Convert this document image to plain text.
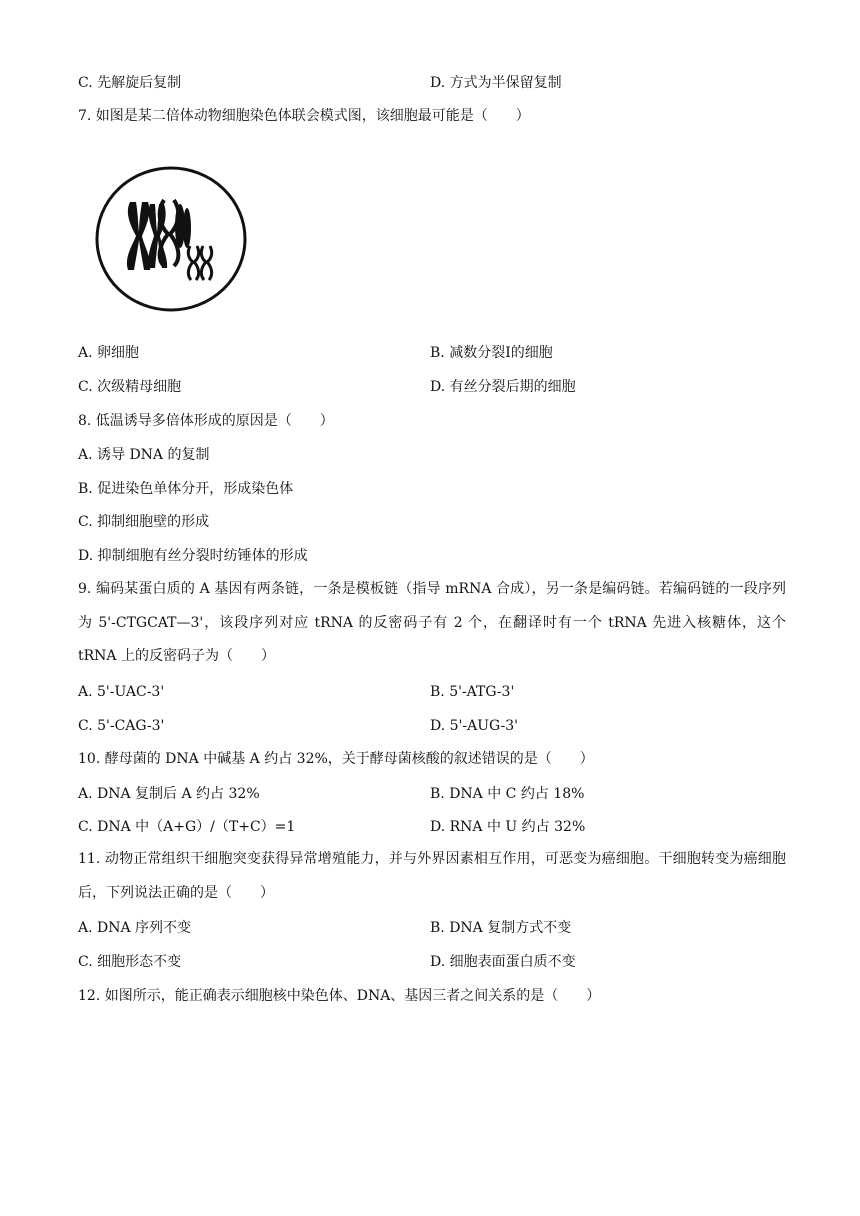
C. 先解旋后复制	D. 方式为半保留复制
7. 如图是某二倍体动物细胞染色体联会模式图，该细胞最可能是（　　）
A. 卵细胞	B. 减数分裂Ⅰ的细胞
C. 次级精母细胞	D. 有丝分裂后期的细胞
8. 低温诱导多倍体形成的原因是（　　）
A. 诱导 DNA 的复制
B. 促进染色单体分开，形成染色体
C. 抑制细胞壁的形成
D. 抑制细胞有丝分裂时纺锤体的形成
9. 编码某蛋白质的 A 基因有两条链，一条是模板链（指导 mRNA 合成），另一条是编码链。若编码链的一段序列为 5'-CTGCAT—3'，该段序列对应 tRNA 的反密码子有 2 个，在翻译时有一个 tRNA 先进入核糖体，这个 tRNA 上的反密码子为（　　）
A. 5'-UAC-3'	B. 5'-ATG-3'
C. 5'-CAG-3'	D. 5'-AUG-3'
10. 酵母菌的 DNA 中碱基 A 约占 32%，关于酵母菌核酸的叙述错误的是（　　）
A. DNA 复制后 A 约占 32%	B. DNA 中 C 约占 18%
C. DNA 中（A+G）/（T+C）=1	D. RNA 中 U 约占 32%
11. 动物正常组织干细胞突变获得异常增殖能力，并与外界因素相互作用，可恶变为癌细胞。干细胞转变为癌细胞后，下列说法正确的是（　　）
A. DNA 序列不变	B. DNA 复制方式不变
C. 细胞形态不变	D. 细胞表面蛋白质不变
12. 如图所示，能正确表示细胞核中染色体、DNA、基因三者之间关系的是（　　）
